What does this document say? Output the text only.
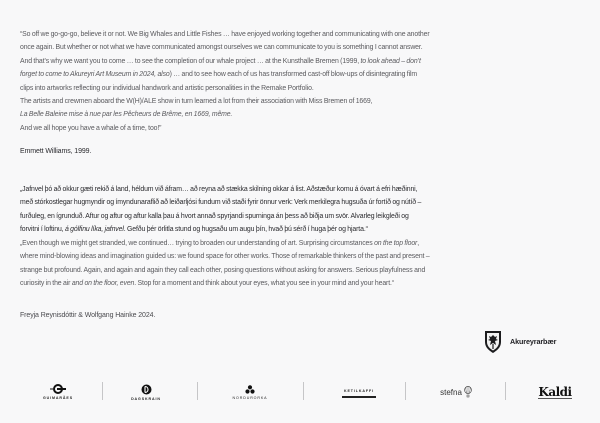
“So off we go-go-go, believe it or not. We Big Whales and Little Fishes … have enjoyed working together and communicating with one another
once again. But whether or not what we have communicated amongst ourselves we can communicate to you is something I cannot answer.
And that’s why we want you to come … to see the completion of our whale project … at the Kunsthalle Bremen (1999, to look ahead – don’t
forget to come to Akureyri Art Museum in 2024, also) … and to see how each of us has transformed cast-off blow-ups of disintegrating film
clips into artworks reflecting our individual handwork and artistic personalities in the Remake Portfolio.
The artists and crewmen aboard the W(H)/ALE show in turn learned a lot from their association with Miss Bremen of 1669,
La Belle Baleine mise à nue par les Pêcheurs de Brême, en 1669, même.
And we all hope you have a whale of a time, too!”
Emmett Williams, 1999.
„Jafnvel þó að okkur gæti rekið á land, héldum við áfram… að reyna að stækka skilning okkar á list. Aðstæður komu á óvart á efri hæðinni,
með stórkostlegar hugmyndir og ímyndunaraflið að leiðarljósi fundum við staði fyrir önnur verk: Verk merkilegra hugsuða úr fortíð og nútíð –
furðuleg, en ígrunduð. Aftur og aftur og aftur kalla þau á hvort annað spyrjandi spurninga án þess að biðja um svör. Alvarleg leikgleði og
forvitni í loftinu, á gólfinu líka, jafnvel. Gefðu þér örlitla stund og hugsaðu um augu þín, hvað þú sérð í huga þér og hjarta.“
„Even though we might get stranded, we continued… trying to broaden our understanding of art. Surprising circumstances on the top floor,
where mind-blowing ideas and imagination guided us: we found space for other works. Those of remarkable thinkers of the past and present –
strange but profound. Again, and again and again they call each other, posing questions without asking for answers. Serious playfulness and
curiosity in the air and on the floor, even. Stop for a moment and think about your eyes, what you see in your mind and your heart.“
Freyja Reynisdóttir & Wolfgang Hainke 2024.
Akureyrarbær
GUIMARÃES	DAGSKRAIN	NORDURORKA
KETILKAFFI	stefna	Kaldi
